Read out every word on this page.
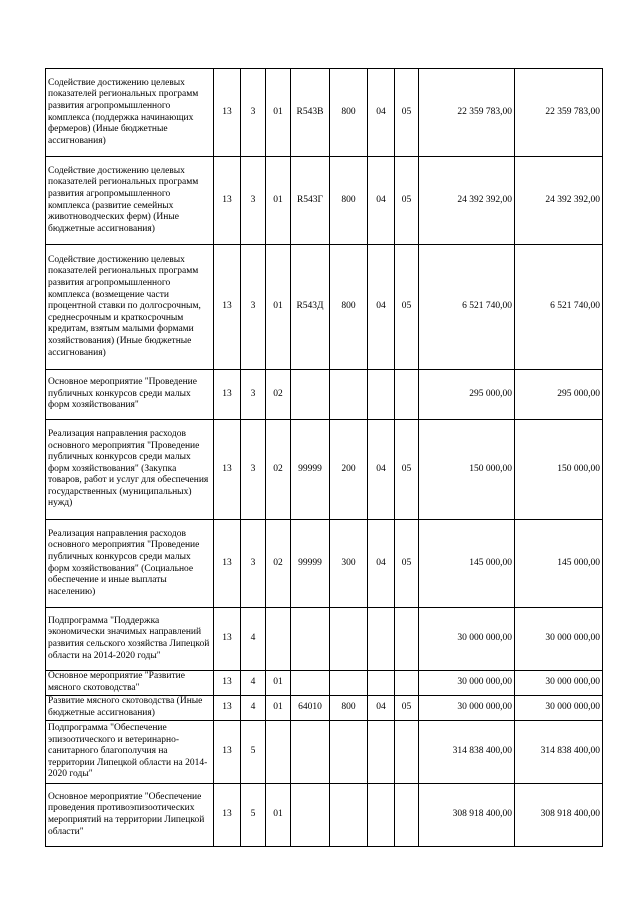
Содействие достижению целевых показателей региональных программ развития агропромышленного комплекса (поддержка начинающих фермеров) (Иные бюджетные ассигнования)	13	3	01	R543В	800	04	05	22 359 783,00	22 359 783,00
Содействие достижению целевых показателей региональных программ развития агропромышленного комплекса (развитие семейных животноводческих ферм) (Иные бюджетные ассигнования)	13	3	01	R543Г	800	04	05	24 392 392,00	24 392 392,00
Содействие достижению целевых показателей региональных программ развития агропромышленного комплекса (возмещение части процентной ставки по долгосрочным, среднесрочным и краткосрочным кредитам, взятым малыми формами хозяйствования) (Иные бюджетные ассигнования)	13	3	01	R543Д	800	04	05	6 521 740,00	6 521 740,00
Основное мероприятие "Проведение публичных конкурсов среди малых форм хозяйствования"	13	3	02					295 000,00	295 000,00
Реализация направления расходов основного мероприятия "Проведение публичных конкурсов среди малых форм хозяйствования" (Закупка товаров, работ и услуг для обеспечения государственных (муниципальных) нужд)	13	3	02	99999	200	04	05	150 000,00	150 000,00
Реализация направления расходов основного мероприятия "Проведение публичных конкурсов среди малых форм хозяйствования" (Социальное обеспечение и иные выплаты населению)	13	3	02	99999	300	04	05	145 000,00	145 000,00
Подпрограмма "Поддержка экономически значимых направлений развития сельского хозяйства Липецкой области на 2014-2020 годы"	13	4						30 000 000,00	30 000 000,00
Основное мероприятие "Развитие мясного скотоводства"	13	4	01					30 000 000,00	30 000 000,00
Развитие мясного скотоводства (Иные бюджетные ассигнования)	13	4	01	64010	800	04	05	30 000 000,00	30 000 000,00
Подпрограмма "Обеспечение эпизоотического и ветеринарно-санитарного благополучия на территории Липецкой области на 2014-2020 годы"	13	5						314 838 400,00	314 838 400,00
Основное мероприятие "Обеспечение проведения противоэпизоотических мероприятий на территории Липецкой области"	13	5	01					308 918 400,00	308 918 400,00
